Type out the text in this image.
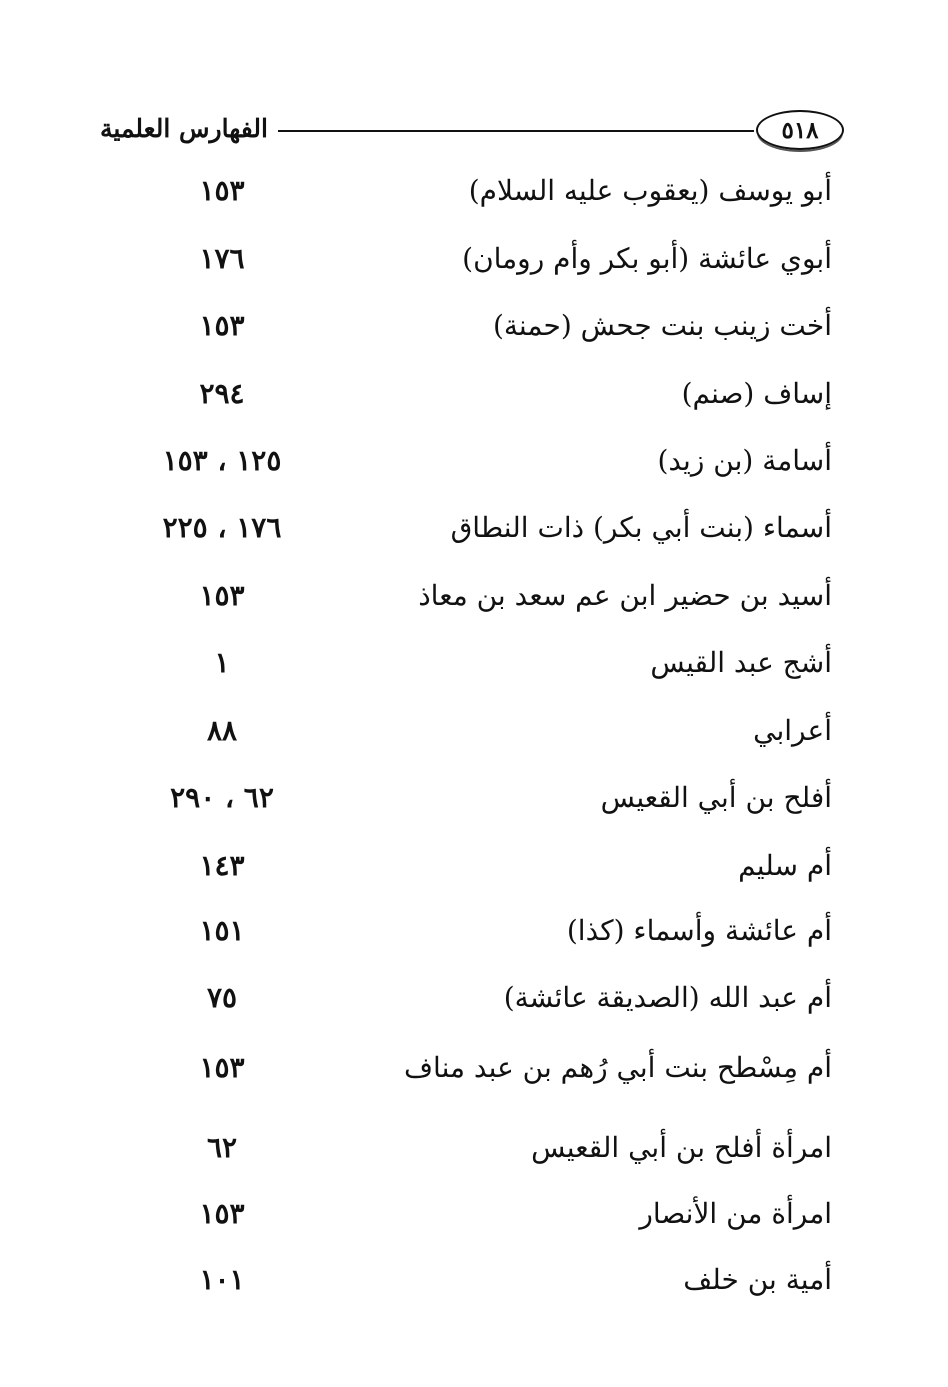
الفهارس العلمية	٥١٨
أبو يوسف (يعقوب عليه السلام)
١٥٣
أبوي عائشة (أبو بكر وأم رومان)
١٧٦
أخت زينب بنت جحش (حمنة)
١٥٣
إساف (صنم)
٢٩٤
أسامة (بن زيد)
١٢٥ ، ١٥٣
أسماء (بنت أبي بكر) ذات النطاق
١٧٦ ، ٢٢٥
أسيد بن حضير ابن عم سعد بن معاذ
١٥٣
أشج عبد القيس
١
أعرابي
٨٨
أفلح بن أبي القعيس
٦٢ ، ٢٩٠
أم سليم
١٤٣
أم عائشة وأسماء (كذا)
١٥١
أم عبد الله (الصديقة عائشة)
٧٥
أم مِسْطح بنت أبي رُهم بن عبد مناف
١٥٣
امرأة أفلح بن أبي القعيس
٦٢
امرأة من الأنصار
١٥٣
أمية بن خلف
١٠١
